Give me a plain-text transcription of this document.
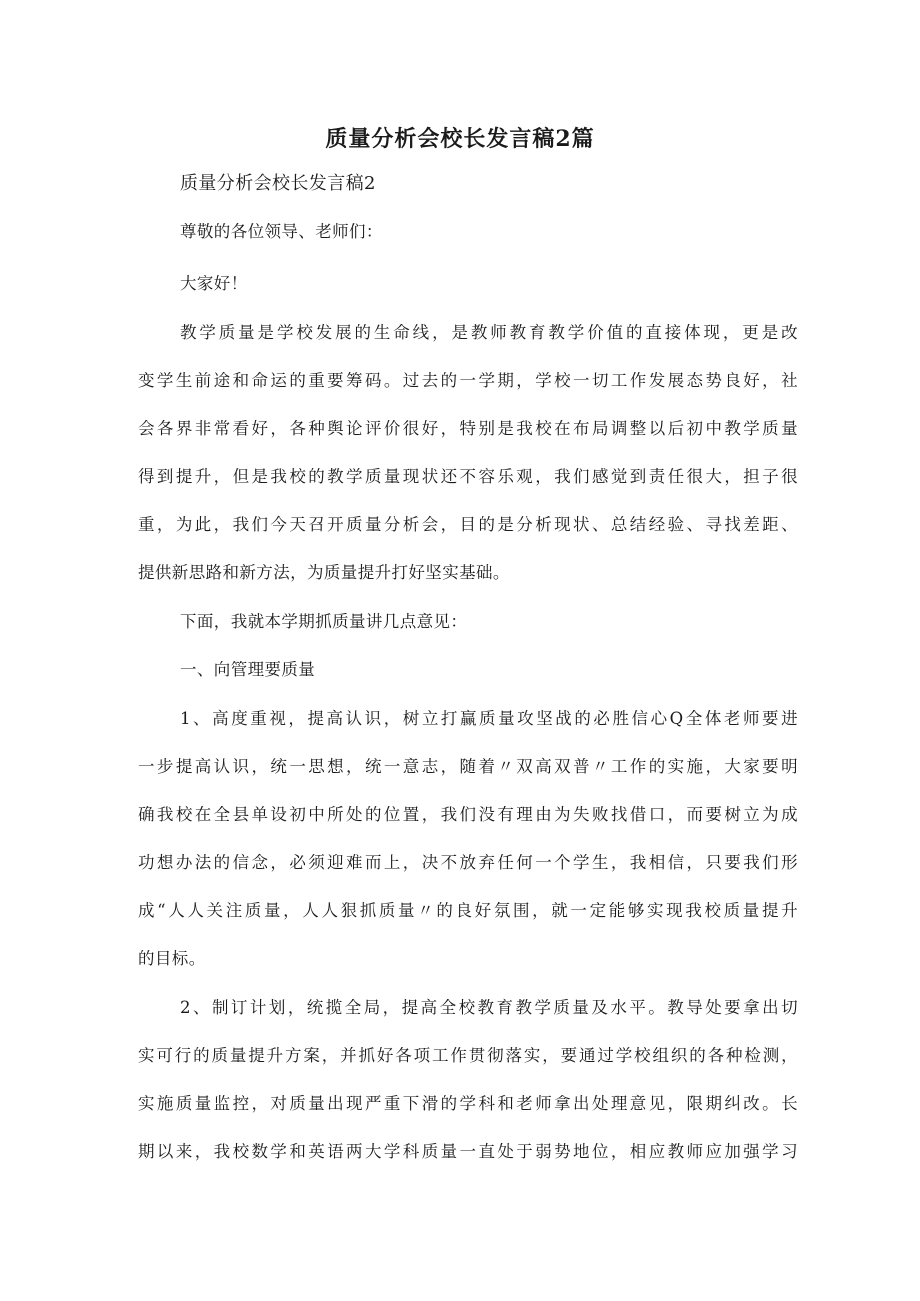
质量分析会校长发言稿2篇
质量分析会校长发言稿2
尊敬的各位领导、老师们：
大家好！
教学质量是学校发展的生命线，是教师教育教学价值的直接体现，更是改
变学生前途和命运的重要筹码。过去的一学期，学校一切工作发展态势良好，社
会各界非常看好，各种舆论评价很好，特别是我校在布局调整以后初中教学质量
得到提升，但是我校的教学质量现状还不容乐观，我们感觉到责任很大，担子很
重，为此，我们今天召开质量分析会，目的是分析现状、总结经验、寻找差距、
提供新思路和新方法，为质量提升打好坚实基础。
下面，我就本学期抓质量讲几点意见：
一、向管理要质量
1、高度重视，提高认识，树立打赢质量攻坚战的必胜信心Q全体老师要进
一步提高认识，统一思想，统一意志，随着〃双高双普〃工作的实施，大家要明
确我校在全县单设初中所处的位置，我们没有理由为失败找借口，而要树立为成
功想办法的信念，必须迎难而上，决不放弃任何一个学生，我相信，只要我们形
成“人人关注质量，人人狠抓质量〃的良好氛围，就一定能够实现我校质量提升
的目标。
2、制订计划，统揽全局，提高全校教育教学质量及水平。教导处要拿出切
实可行的质量提升方案，并抓好各项工作贯彻落实，要通过学校组织的各种检测，
实施质量监控，对质量出现严重下滑的学科和老师拿出处理意见，限期纠改。长
期以来，我校数学和英语两大学科质量一直处于弱势地位，相应教师应加强学习
